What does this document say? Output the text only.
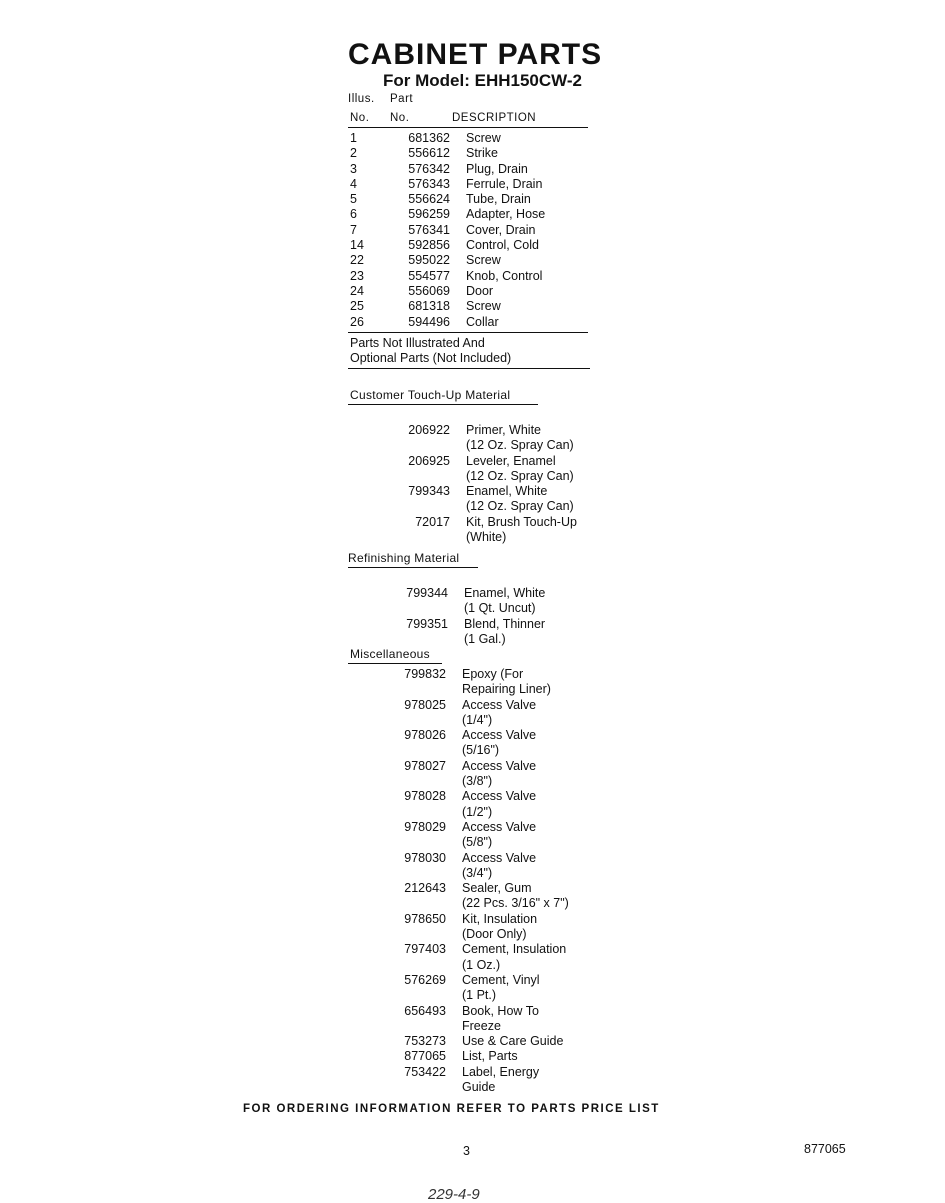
CABINET PARTS
For Model: EHH150CW-2
Illus. Part
No. No.	DESCRIPTION
1	681362 Screw
2	556612 Strike
3	576342 Plug, Drain
4	576343 Ferrule, Drain
5	556624 Tube, Drain
6	596259 Adapter, Hose
7	576341 Cover, Drain
14	592856 Control, Cold
22	595022 Screw
23	554577 Knob, Control
24	556069 Door
25	681318 Screw
26	594496 Collar
Parts Not Illustrated And
Optional Parts (Not Included)
Customer Touch-Up Material
206922 Primer, White
(12 Oz. Spray Can)
206925 Leveler, Enamel
(12 Oz. Spray Can)
799343 Enamel, White
(12 Oz. Spray Can)
72017 Kit, Brush Touch-Up
(White)
Refinishing Material
799344 Enamel, White
(1 Qt. Uncut)
799351 Blend, Thinner
(1 Gal.)
Miscellaneous
799832 Epoxy (For
Repairing Liner)
978025 Access Valve
(1/4")
978026 Access Valve
(5/16")
978027 Access Valve
(3/8")
978028 Access Valve
(1/2")
978029 Access Valve
(5/8")
978030 Access Valve
(3/4")
212643 Sealer, Gum
(22 Pcs. 3/16" x 7")
978650 Kit, Insulation
(Door Only)
797403 Cement, Insulation
(1 Oz.)
576269 Cement, Vinyl
(1 Pt.)
656493 Book, How To
Freeze
753273 Use & Care Guide
877065 List, Parts
753422 Label, Energy
Guide
FOR ORDERING INFORMATION REFER TO PARTS PRICE LIST
3	877065
229-4-9
